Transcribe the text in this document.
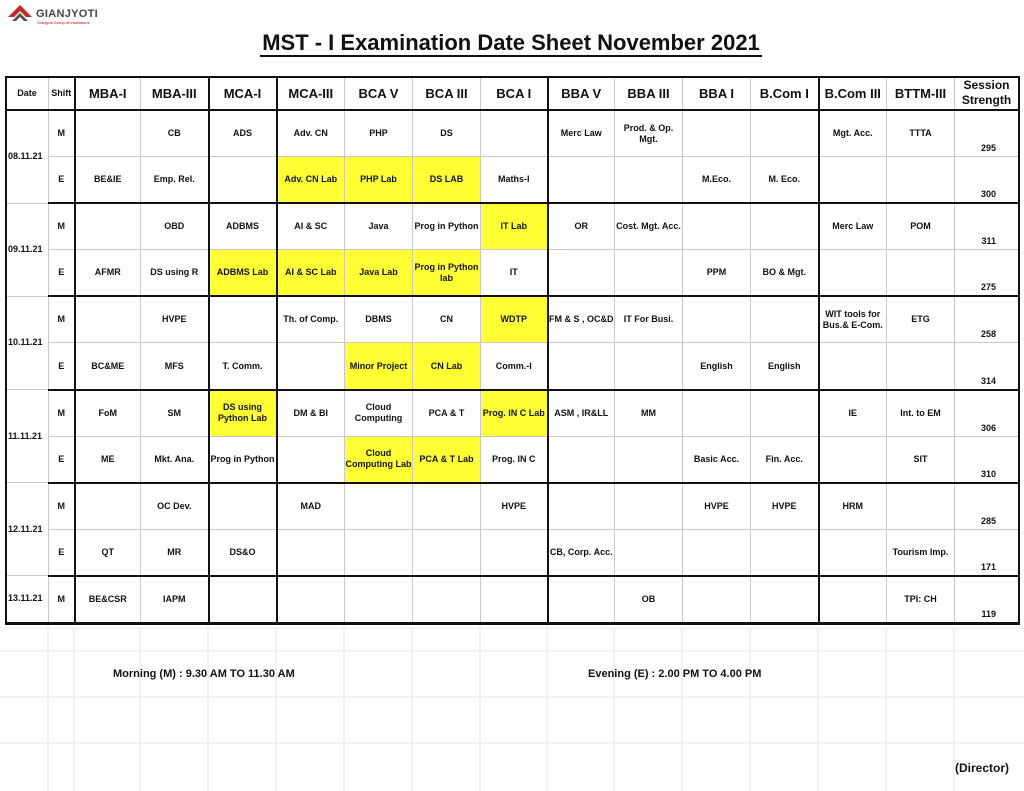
GIANJYOTI
Gianjyoti Group of Institutions
MST - I Examination Date Sheet November 2021
Date	Shift	MBA-I	MBA-III	MCA-I	MCA-III	BCA V	BCA III	BCA I	BBA V	BBA III	BBA I	B.Com I	B.Com III	BTTM-III	Session Strength
08.11.21	M		CB	ADS	Adv. CN	PHP	DS		Merc Law	Prod. & Op. Mgt.			Mgt. Acc.	TTTA	295
	E	BE&IE	Emp. Rel.		Adv. CN Lab	PHP Lab	DS LAB	Maths-I			M.Eco.	M. Eco.			300
09.11.21	M		OBD	ADBMS	AI & SC	Java	Prog in Python	IT Lab	OR	Cost. Mgt. Acc.			Merc Law	POM	311
	E	AFMR	DS using R	ADBMS Lab	AI & SC Lab	Java Lab	Prog in Python lab	IT			PPM	BO & Mgt.			275
10.11.21	M		HVPE		Th. of Comp.	DBMS	CN	WDTP	FM & S , OC&D	IT For Busi.			WIT tools for Bus.& E-Com.	ETG	258
	E	BC&ME	MFS	T. Comm.		Minor Project	CN Lab	Comm.-I			English	English			314
11.11.21	M	FoM	SM	DS using Python Lab	DM & BI	Cloud Computing	PCA & T	Prog. IN C Lab	ASM , IR&LL	MM			IE	Int. to EM	306
	E	ME	Mkt. Ana.	Prog in Python		Cloud Computing Lab	PCA & T Lab	Prog. IN C			Basic Acc.	Fin. Acc.		SIT	310
12.11.21	M		OC Dev.		MAD			HVPE			HVPE	HVPE	HRM		285
	E	QT	MR	DS&O					CB, Corp. Acc.					Tourism Imp.	171
13.11.21	M	BE&CSR	IAPM							OB				TPI: CH	119
Morning (M) : 9.30 AM TO 11.30 AM	Evening (E) : 2.00 PM TO 4.00 PM
(Director)
